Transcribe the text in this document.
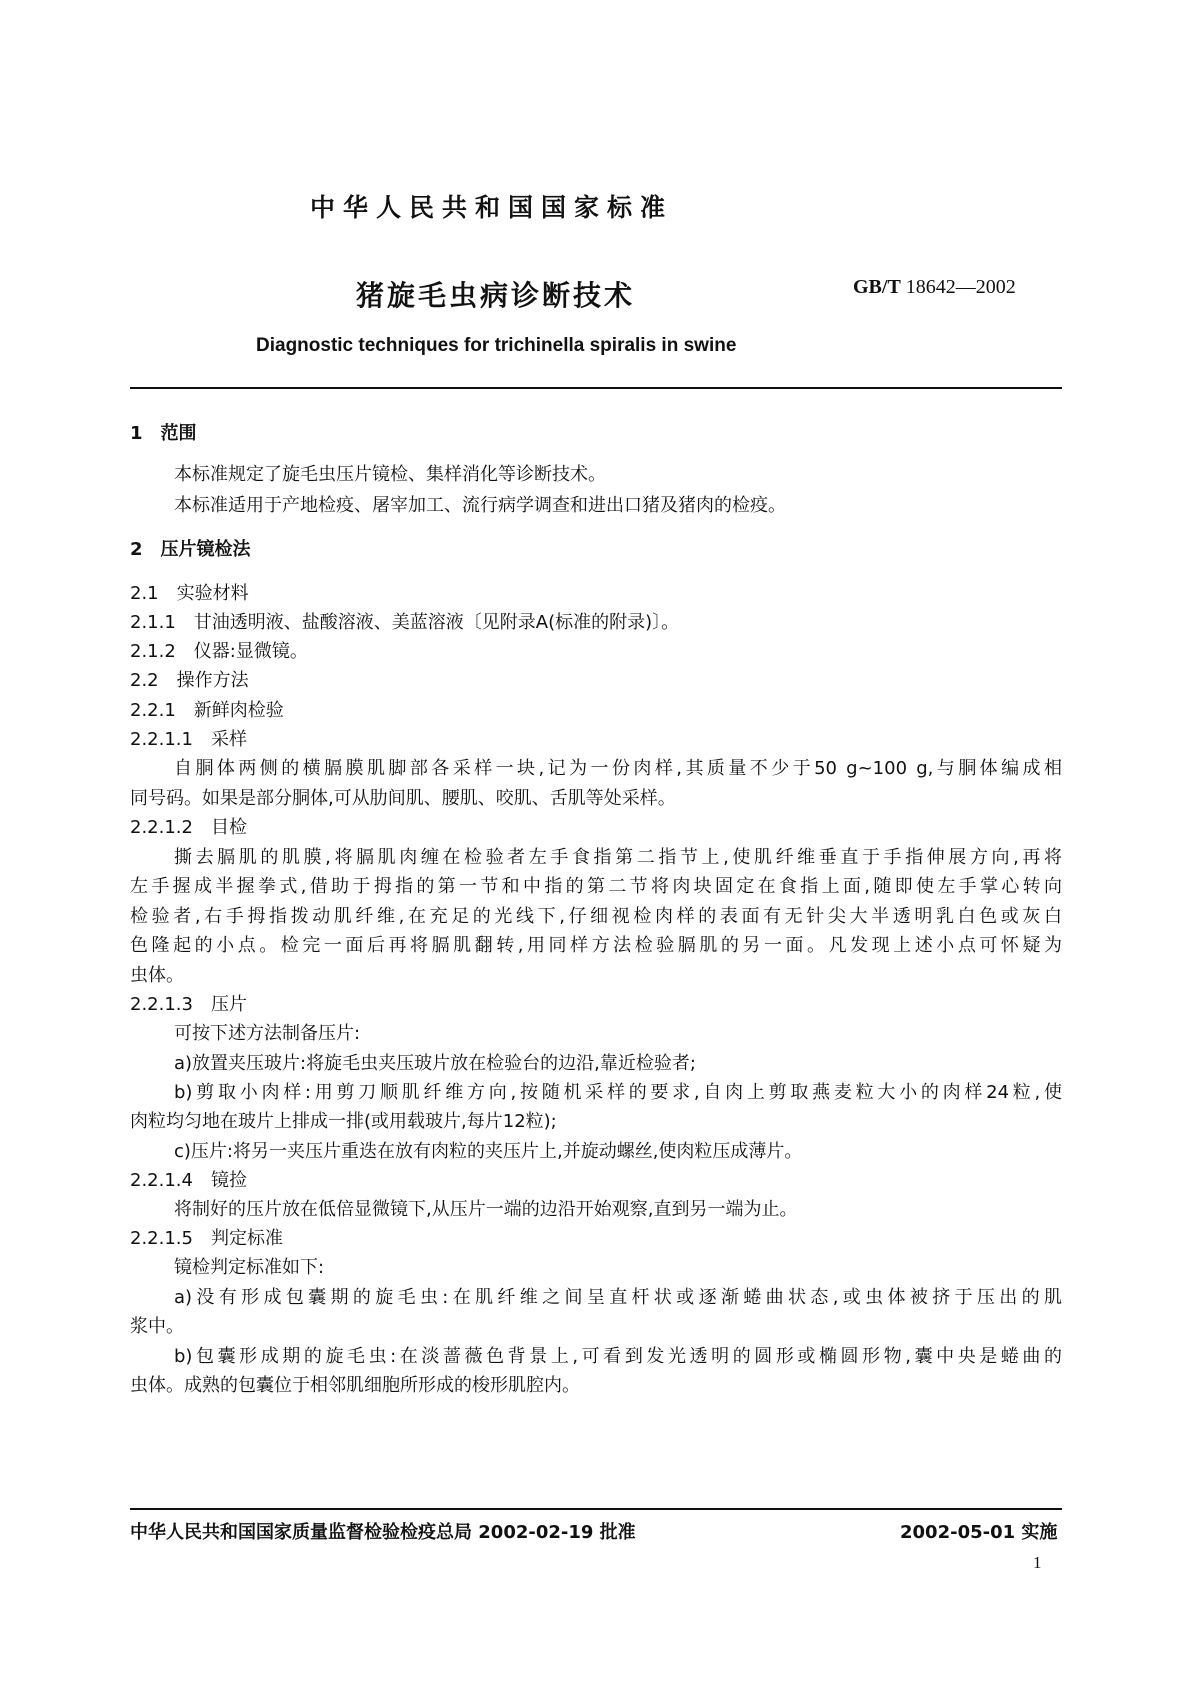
中华人民共和国国家标准
猪旋毛虫病诊断技术	GB/T 18642—2002
Diagnostic techniques for trichinella spiralis in swine
1 范围
本标准规定了旋毛虫压片镜检、集样消化等诊断技术。
本标准适用于产地检疫、屠宰加工、流行病学调查和进出口猪及猪肉的检疫。
2 压片镜检法
2.1　实验材料
2.1.1　甘油透明液、盐酸溶液、美蓝溶液〔见附录A(标准的附录)〕。
2.1.2　仪器:显微镜。
2.2　操作方法
2.2.1　新鲜肉检验
2.2.1.1　采样
自胴体两侧的横膈膜肌脚部各采样一块,记为一份肉样,其质量不少于50 g~100 g,与胴体编成相
同号码。如果是部分胴体,可从肋间肌、腰肌、咬肌、舌肌等处采样。
2.2.1.2　目检
撕去膈肌的肌膜,将膈肌肉缠在检验者左手食指第二指节上,使肌纤维垂直于手指伸展方向,再将
左手握成半握拳式,借助于拇指的第一节和中指的第二节将肉块固定在食指上面,随即使左手掌心转向
检验者,右手拇指拨动肌纤维,在充足的光线下,仔细视检肉样的表面有无针尖大半透明乳白色或灰白
色隆起的小点。检完一面后再将膈肌翻转,用同样方法检验膈肌的另一面。凡发现上述小点可怀疑为
虫体。
2.2.1.3　压片
可按下述方法制备压片:
a)放置夹压玻片:将旋毛虫夹压玻片放在检验台的边沿,靠近检验者;
b)剪取小肉样:用剪刀顺肌纤维方向,按随机采样的要求,自肉上剪取燕麦粒大小的肉样24粒,使
肉粒均匀地在玻片上排成一排(或用载玻片,每片12粒);
c)压片:将另一夹压片重迭在放有肉粒的夹压片上,并旋动螺丝,使肉粒压成薄片。
2.2.1.4　镜捡
将制好的压片放在低倍显微镜下,从压片一端的边沿开始观察,直到另一端为止。
2.2.1.5　判定标准
镜检判定标准如下:
a)没有形成包囊期的旋毛虫:在肌纤维之间呈直杆状或逐渐蜷曲状态,或虫体被挤于压出的肌
浆中。
b)包囊形成期的旋毛虫:在淡蔷薇色背景上,可看到发光透明的圆形或椭圆形物,囊中央是蜷曲的
虫体。成熟的包囊位于相邻肌细胞所形成的梭形肌腔内。
中华人民共和国国家质量监督检验检疫总局 2002-02-19 批准	2002-05-01 实施
1
